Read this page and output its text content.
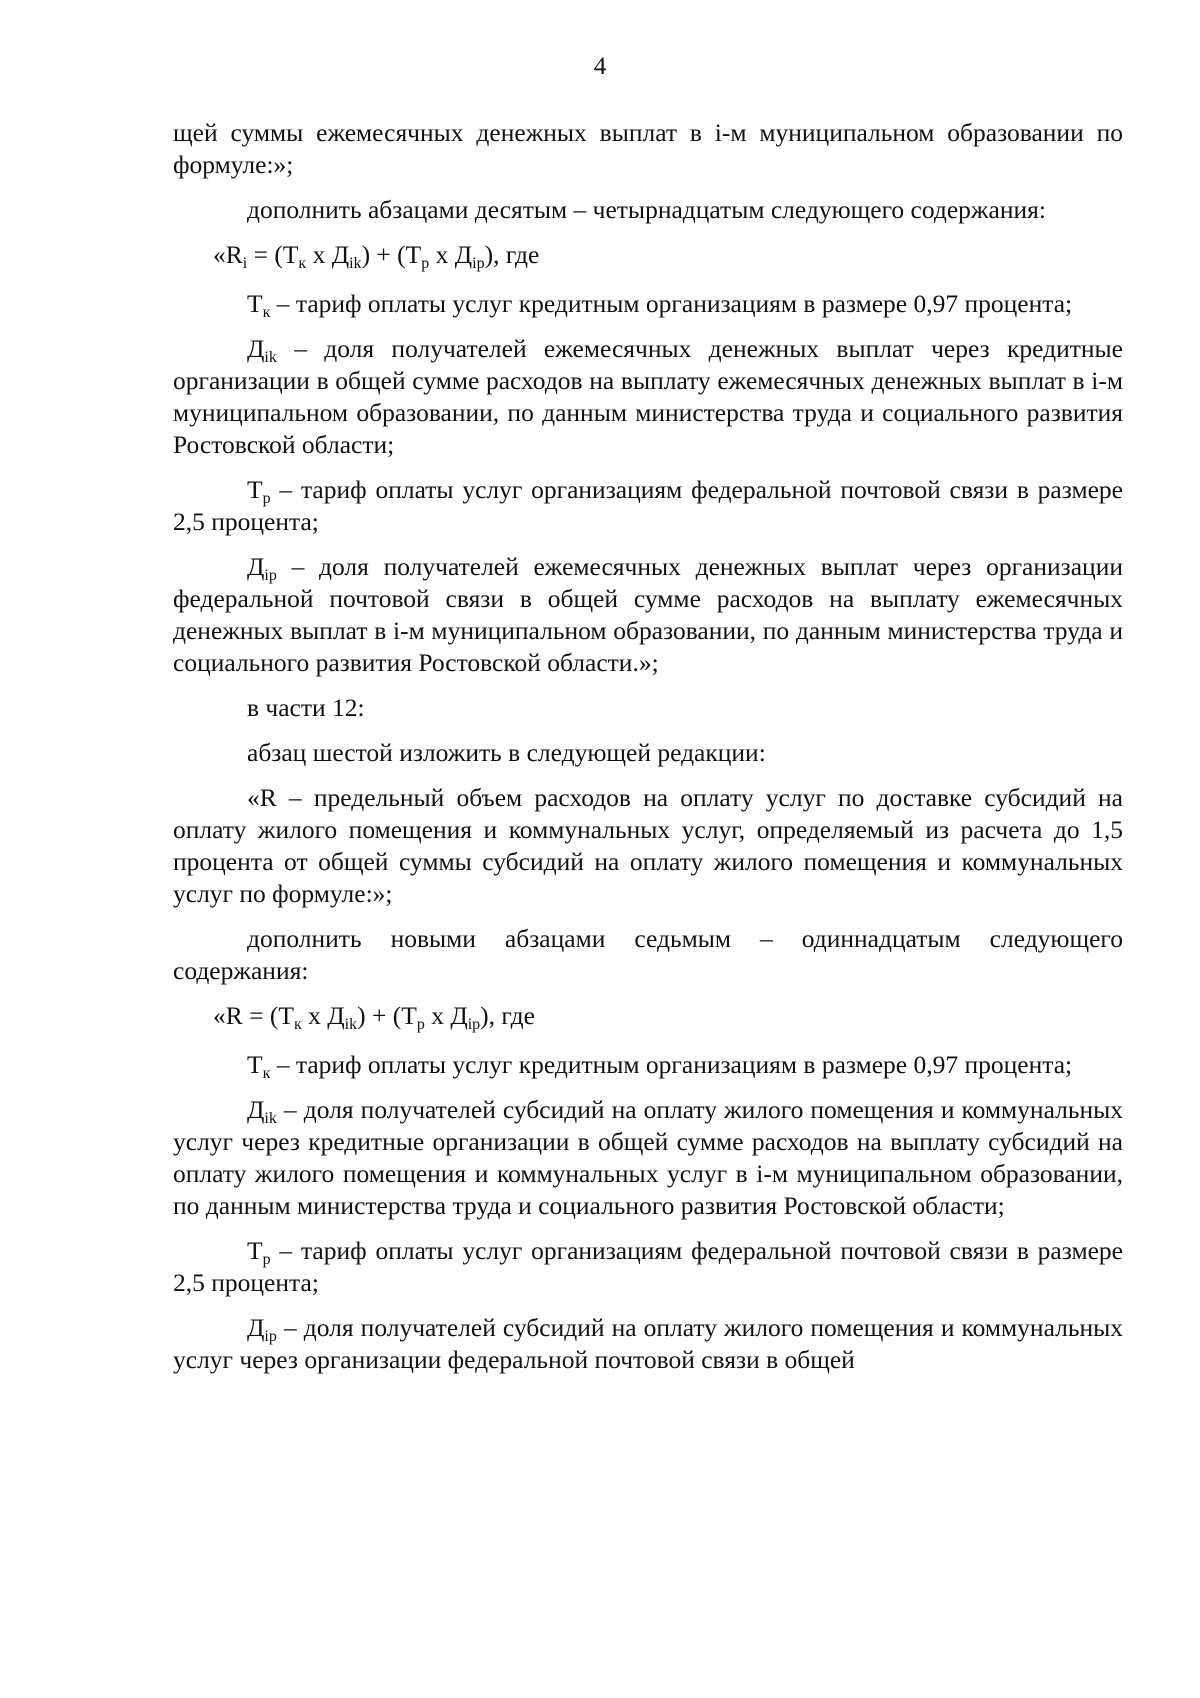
4

щей суммы ежемесячных денежных выплат в i-м муниципальном образовании по формуле:»;

дополнить абзацами десятым – четырнадцатым следующего содержания:

«$R_i = (Т_к$ х $Д_{ik}) + (Т_р$ х $Д_{ip}$), где

$Т_к$ – тариф оплаты услуг кредитным организациям в размере 0,97 процента;

$Д_{ik}$ – доля получателей ежемесячных денежных выплат через кредитные организации в общей сумме расходов на выплату ежемесячных денежных выплат в i-м муниципальном образовании, по данным министерства труда и социального развития Ростовской области;

$Т_р$ – тариф оплаты услуг организациям федеральной почтовой связи в размере 2,5 процента;

$Д_{ip}$ – доля получателей ежемесячных денежных выплат через организации федеральной почтовой связи в общей сумме расходов на выплату ежемесячных денежных выплат в i-м муниципальном образовании, по данным министерства труда и социального развития Ростовской области.»;

в части 12:

абзац шестой изложить в следующей редакции:

«R – предельный объем расходов на оплату услуг по доставке субсидий на оплату жилого помещения и коммунальных услуг, определяемый из расчета до 1,5 процента от общей суммы субсидий на оплату жилого помещения и коммунальных услуг по формуле:»;

дополнить новыми абзацами седьмым – одиннадцатым следующего содержания:

«$R = (Т_к$ х $Д_{ik}) + (Т_р$ х $Д_{ip}$), где

$Т_к$ – тариф оплаты услуг кредитным организациям в размере 0,97 процента;

$Д_{ik}$ – доля получателей субсидий на оплату жилого помещения и коммунальных услуг через кредитные организации в общей сумме расходов на выплату субсидий на оплату жилого помещения и коммунальных услуг в i-м муниципальном образовании, по данным министерства труда и социального развития Ростовской области;

$Т_р$ – тариф оплаты услуг организациям федеральной почтовой связи в размере 2,5 процента;

$Д_{ip}$ – доля получателей субсидий на оплату жилого помещения и коммунальных услуг через организации федеральной почтовой связи в общей
